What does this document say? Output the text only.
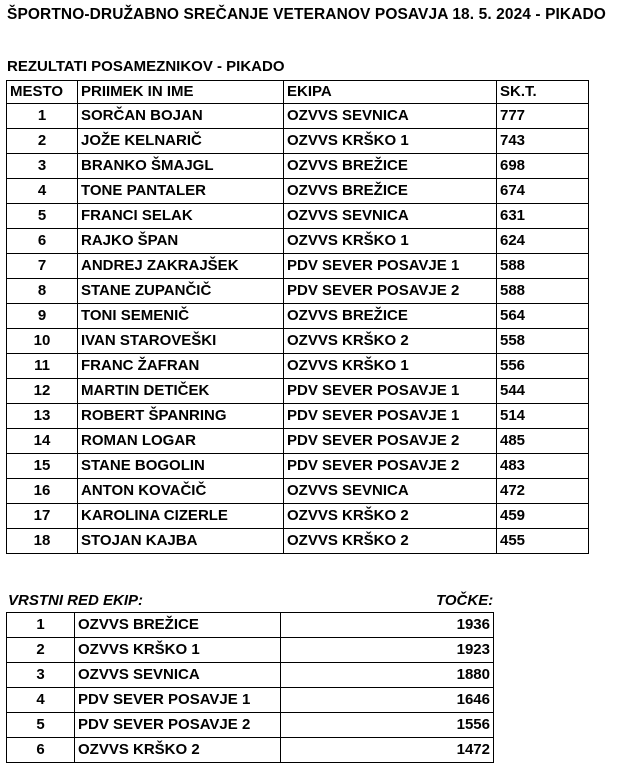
ŠPORTNO-DRUŽABNO SREČANJE VETERANOV POSAVJA 18. 5. 2024 - PIKADO
REZULTATI POSAMEZNIKOV - PIKADO
MESTO	PRIIMEK IN IME	EKIPA	SK.T.
1	SORČAN BOJAN	OZVVS SEVNICA	777
2	JOŽE KELNARIČ	OZVVS KRŠKO 1	743
3	BRANKO ŠMAJGL	OZVVS BREŽICE	698
4	TONE PANTALER	OZVVS BREŽICE	674
5	FRANCI SELAK	OZVVS SEVNICA	631
6	RAJKO ŠPAN	OZVVS KRŠKO 1	624
7	ANDREJ ZAKRAJŠEK	PDV SEVER POSAVJE 1	588
8	STANE ZUPANČIČ	PDV SEVER POSAVJE 2	588
9	TONI SEMENIČ	OZVVS BREŽICE	564
10	IVAN STAROVEŠKI	OZVVS KRŠKO 2	558
11	FRANC ŽAFRAN	OZVVS KRŠKO 1	556
12	MARTIN DETIČEK	PDV SEVER POSAVJE 1	544
13	ROBERT ŠPANRING	PDV SEVER POSAVJE 1	514
14	ROMAN LOGAR	PDV SEVER POSAVJE 2	485
15	STANE BOGOLIN	PDV SEVER POSAVJE 2	483
16	ANTON KOVAČIČ	OZVVS SEVNICA	472
17	KAROLINA CIZERLE	OZVVS KRŠKO 2	459
18	STOJAN KAJBA	OZVVS KRŠKO 2	455
VRSTNI RED EKIP:	TOČKE:
1	OZVVS BREŽICE	1936
2	OZVVS KRŠKO 1	1923
3	OZVVS SEVNICA	1880
4	PDV SEVER POSAVJE 1	1646
5	PDV SEVER POSAVJE 2	1556
6	OZVVS KRŠKO 2	1472
